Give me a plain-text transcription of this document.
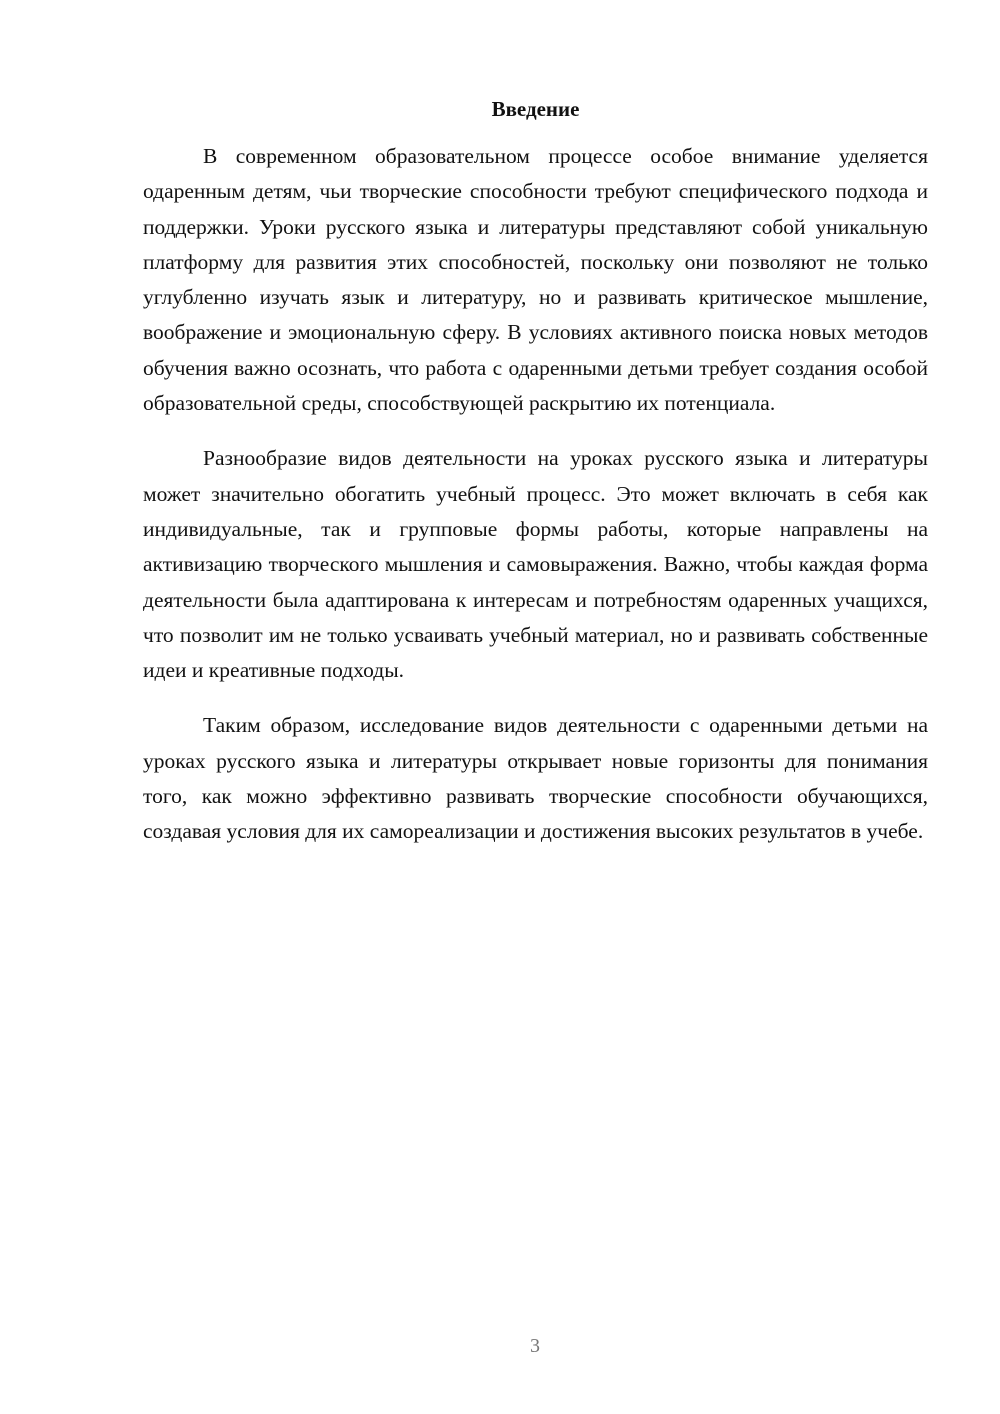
Введение

В современном образовательном процессе особое внимание уделяется одаренным детям, чьи творческие способности требуют специфического подхода и поддержки. Уроки русского языка и литературы представляют собой уникальную платформу для развития этих способностей, поскольку они позволяют не только углубленно изучать язык и литературу, но и развивать критическое мышление, воображение и эмоциональную сферу. В условиях активного поиска новых методов обучения важно осознать, что работа с одаренными детьми требует создания особой образовательной среды, способствующей раскрытию их потенциала.

Разнообразие видов деятельности на уроках русского языка и литературы может значительно обогатить учебный процесс. Это может включать в себя как индивидуальные, так и групповые формы работы, которые направлены на активизацию творческого мышления и самовыражения. Важно, чтобы каждая форма деятельности была адаптирована к интересам и потребностям одаренных учащихся, что позволит им не только усваивать учебный материал, но и развивать собственные идеи и креативные подходы.

Таким образом, исследование видов деятельности с одаренными детьми на уроках русского языка и литературы открывает новые горизонты для понимания того, как можно эффективно развивать творческие способности обучающихся, создавая условия для их самореализации и достижения высоких результатов в учебе.

3
